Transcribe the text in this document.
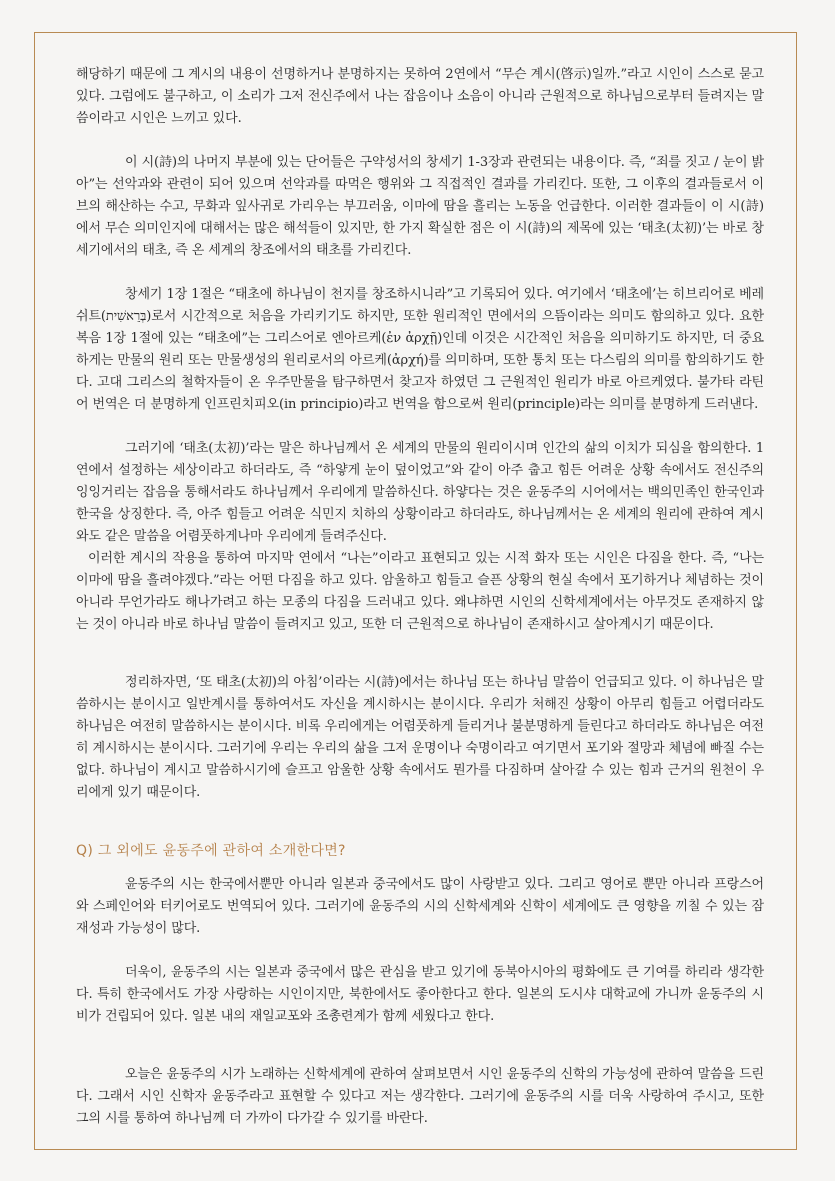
해당하기 때문에 그 계시의 내용이 선명하거나 분명하지는 못하여 2연에서 “무슨 계시(啓示)일까.”라고 시인이 스스로 묻고 있다. 그럼에도 불구하고, 이 소리가 그저 전신주에서 나는 잡음이나 소음이 아니라 근원적으로 하나님으로부터 들려지는 말씀이라고 시인은 느끼고 있다.

이 시(詩)의 나머지 부분에 있는 단어들은 구약성서의 창세기 1-3장과 관련되는 내용이다. 즉, “죄를 짓고 / 눈이 밝아”는 선악과와 관련이 되어 있으며 선악과를 따먹은 행위와 그 직접적인 결과를 가리킨다. 또한, 그 이후의 결과들로서 이브의 해산하는 수고, 무화과 잎사귀로 가리우는 부끄러움, 이마에 땀을 흘리는 노동을 언급한다. 이러한 결과들이 이 시(詩)에서 무슨 의미인지에 대해서는 많은 해석들이 있지만, 한 가지 확실한 점은 이 시(詩)의 제목에 있는 ‘태초(太初)’는 바로 창세기에서의 태초, 즉 온 세계의 창조에서의 태초를 가리킨다.

창세기 1장 1절은 “태초에 하나님이 천지를 창조하시니라”고 기록되어 있다. 여기에서 ‘태초에’는 히브리어로 베레쉬트(בְּרֵאשִׁית)로서 시간적으로 처음을 가리키기도 하지만, 또한 원리적인 면에서의 으뜸이라는 의미도 함의하고 있다. 요한복음 1장 1절에 있는 “태초에”는 그리스어로 엔아르케(ἐν ἀρχῇ)인데 이것은 시간적인 처음을 의미하기도 하지만, 더 중요하게는 만물의 원리 또는 만물생성의 원리로서의 아르케(ἀρχή)를 의미하며, 또한 통치 또는 다스림의 의미를 함의하기도 한다. 고대 그리스의 철학자들이 온 우주만물을 탐구하면서 찾고자 하였던 그 근원적인 원리가 바로 아르케였다. 불가타 라틴어 번역은 더 분명하게 인프린치피오(in principio)라고 번역을 함으로써 원리(principle)라는 의미를 분명하게 드러낸다.

그러기에 ‘태초(太初)’라는 말은 하나님께서 온 세계의 만물의 원리이시며 인간의 삶의 이치가 되심을 함의한다. 1연에서 설정하는 세상이라고 하더라도, 즉 “하얗게 눈이 덮이었고”와 같이 아주 춥고 힘든 어려운 상황 속에서도 전신주의 잉잉거리는 잡음을 통해서라도 하나님께서 우리에게 말씀하신다. 하얗다는 것은 윤동주의 시어에서는 백의민족인 한국인과 한국을 상징한다. 즉, 아주 힘들고 어려운 식민지 치하의 상황이라고 하더라도, 하나님께서는 온 세계의 원리에 관하여 계시와도 같은 말씀을 어렴풋하게나마 우리에게 들려주신다.

이러한 계시의 작용을 통하여 마지막 연에서 “나는”이라고 표현되고 있는 시적 화자 또는 시인은 다짐을 한다. 즉, “나는 이마에 땀을 흘려야겠다.”라는 어떤 다짐을 하고 있다. 암울하고 힘들고 슬픈 상황의 현실 속에서 포기하거나 체념하는 것이 아니라 무언가라도 해나가려고 하는 모종의 다짐을 드러내고 있다. 왜냐하면 시인의 신학세계에서는 아무것도 존재하지 않는 것이 아니라 바로 하나님 말씀이 들려지고 있고, 또한 더 근원적으로 하나님이 존재하시고 살아계시기 때문이다.

정리하자면, ‘또 태초(太初)의 아침’이라는 시(詩)에서는 하나님 또는 하나님 말씀이 언급되고 있다. 이 하나님은 말씀하시는 분이시고 일반계시를 통하여서도 자신을 계시하시는 분이시다. 우리가 처해진 상황이 아무리 힘들고 어렵더라도 하나님은 여전히 말씀하시는 분이시다. 비록 우리에게는 어렴풋하게 들리거나 불분명하게 들린다고 하더라도 하나님은 여전히 계시하시는 분이시다. 그러기에 우리는 우리의 삶을 그저 운명이나 숙명이라고 여기면서 포기와 절망과 체념에 빠질 수는 없다. 하나님이 계시고 말씀하시기에 슬프고 암울한 상황 속에서도 뭔가를 다짐하며 살아갈 수 있는 힘과 근거의 원천이 우리에게 있기 때문이다.

Q) 그 외에도 윤동주에 관하여 소개한다면?

윤동주의 시는 한국에서뿐만 아니라 일본과 중국에서도 많이 사랑받고 있다. 그리고 영어로 뿐만 아니라 프랑스어와 스페인어와 터키어로도 번역되어 있다. 그러기에 윤동주의 시의 신학세계와 신학이 세계에도 큰 영향을 끼칠 수 있는 잠재성과 가능성이 많다.

더욱이, 윤동주의 시는 일본과 중국에서 많은 관심을 받고 있기에 동북아시아의 평화에도 큰 기여를 하리라 생각한다. 특히 한국에서도 가장 사랑하는 시인이지만, 북한에서도 좋아한다고 한다. 일본의 도시샤 대학교에 가니까 윤동주의 시비가 건립되어 있다. 일본 내의 재일교포와 조총련계가 함께 세웠다고 한다.

오늘은 윤동주의 시가 노래하는 신학세계에 관하여 살펴보면서 시인 윤동주의 신학의 가능성에 관하여 말씀을 드린다. 그래서 시인 신학자 윤동주라고 표현할 수 있다고 저는 생각한다. 그러기에 윤동주의 시를 더욱 사랑하여 주시고, 또한 그의 시를 통하여 하나님께 더 가까이 다가갈 수 있기를 바란다.
